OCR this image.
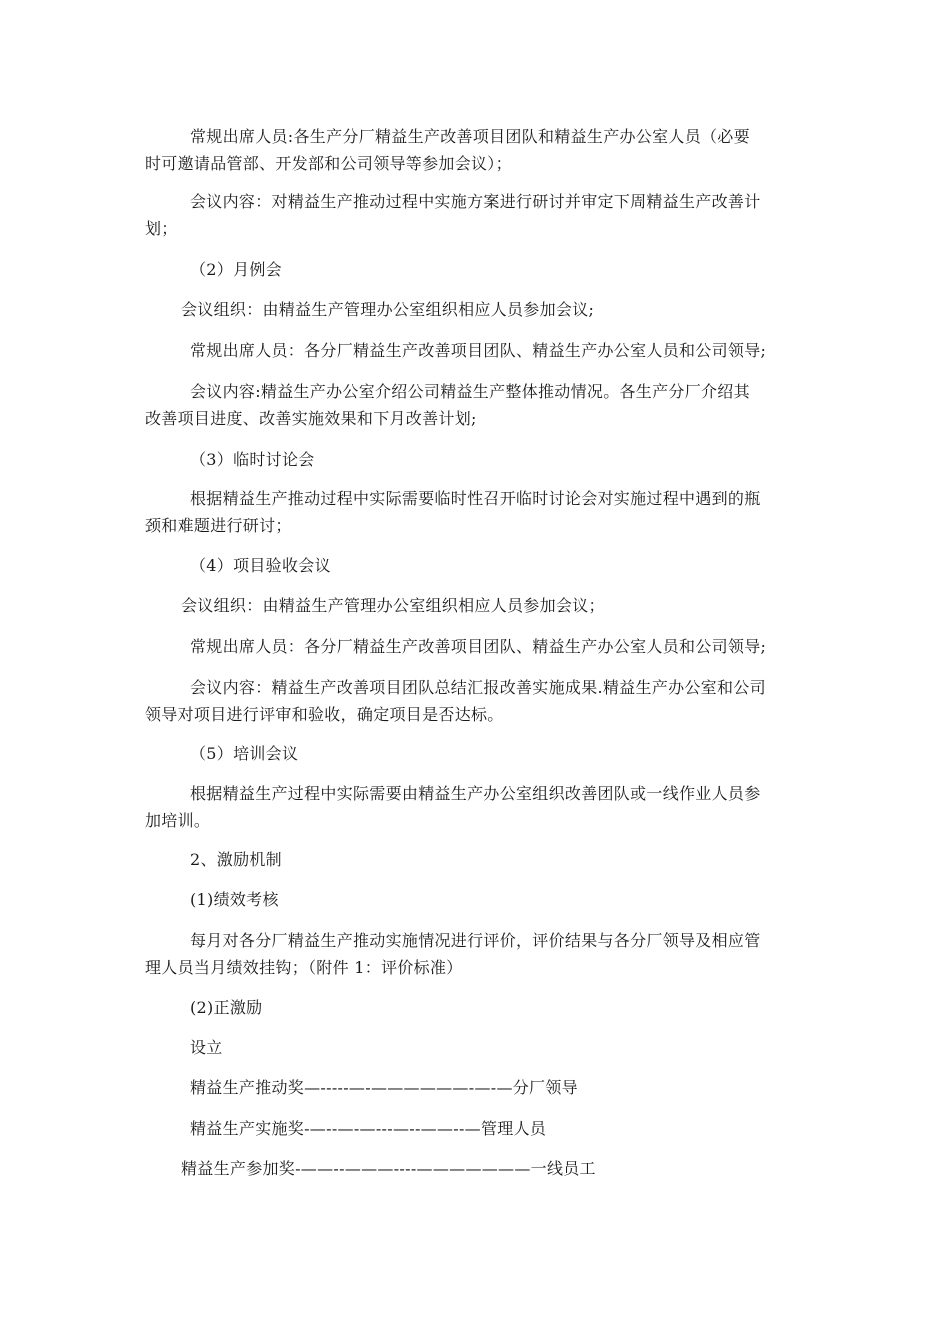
常规出席人员:各生产分厂精益生产改善项目团队和精益生产办公室人员（必要
时可邀请品管部、开发部和公司领导等参加会议）；
会议内容：对精益生产推动过程中实施方案进行研讨并审定下周精益生产改善计
划；
（2）月例会
会议组织：由精益生产管理办公室组织相应人员参加会议;
常规出席人员：各分厂精益生产改善项目团队、精益生产办公室人员和公司领导;
会议内容:精益生产办公室介绍公司精益生产整体推动情况。各生产分厂介绍其
改善项目进度、改善实施效果和下月改善计划;
（3）临时讨论会
根据精益生产推动过程中实际需要临时性召开临时讨论会对实施过程中遇到的瓶
颈和难题进行研讨；
（4）项目验收会议
会议组织：由精益生产管理办公室组织相应人员参加会议；
常规出席人员：各分厂精益生产改善项目团队、精益生产办公室人员和公司领导;
会议内容：精益生产改善项目团队总结汇报改善实施成果.精益生产办公室和公司
领导对项目进行评审和验收，确定项目是否达标。
（5）培训会议
根据精益生产过程中实际需要由精益生产办公室组织改善团队或一线作业人员参
加培训。
2、激励机制
(1)绩效考核
每月对各分厂精益生产推动实施情况进行评价，评价结果与各分厂领导及相应管
理人员当月绩效挂钩；（附件 1：评价标准）
(2)正激励
设立
精益生产推动奖—-----—-——————-—-—分厂领导
精益生产实施奖-—--—-—---—--——--—管理人员
精益生产参加奖-——--———----———————一线员工
